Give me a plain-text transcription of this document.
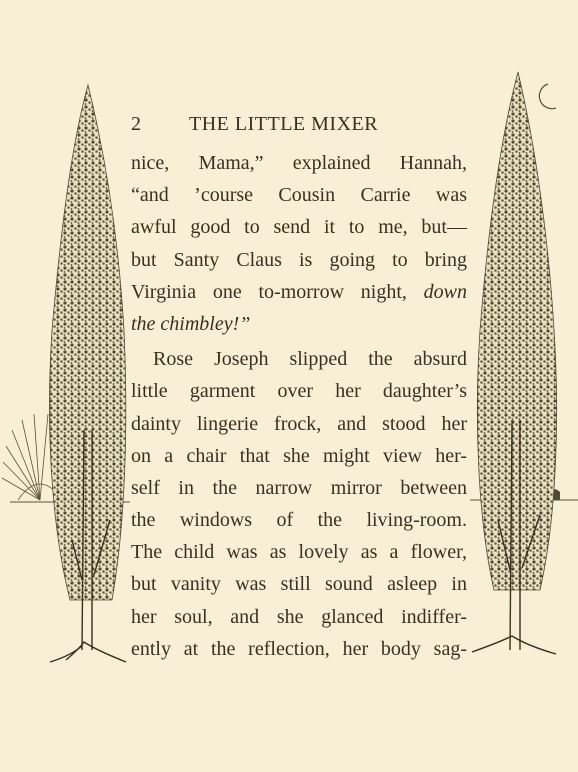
2 THE LITTLE MIXER
nice, Mama,” explained Hannah,
“and ’course Cousin Carrie was
awful good to send it to me, but—
but Santy Claus is going to bring
Virginia one to-morrow night, down
the chimbley!”
Rose Joseph slipped the absurd
little garment over her daughter’s
dainty lingerie frock, and stood her
on a chair that she might view her-
self in the narrow mirror between
the windows of the living-room.
The child was as lovely as a flower,
but vanity was still sound asleep in
her soul, and she glanced indiffer-
ently at the reflection, her body sag-
